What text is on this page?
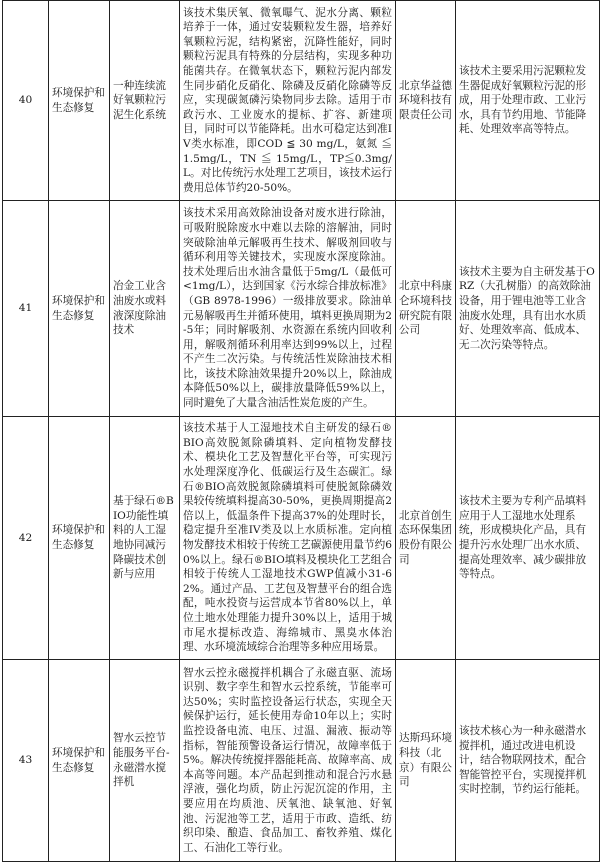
40	环境保护和生态修复	一种连续流好氧颗粒污泥生化系统	该技术集厌氧、微氧曝气、泥水分离、颗粒培养于一体，通过安装颗粒发生器，培养好氧颗粒污泥，结构紧密，沉降性能好，同时颗粒污泥具有特殊的分层结构，实现多种功能菌共存。在微氧状态下，颗粒污泥内部发生同步硝化反硝化、除磷及反硝化除磷等反应，实现碳氮磷污染物同步去除。适用于市政污水、工业废水的提标、扩容、新建项目，同时可以节能降耗。出水可稳定达到准IV类水标准，即COD ≦ 30 mg/L，氨氮 ≦ 1.5mg/L，TN ≦ 15mg/L，TP≦0.3mg/L。对比传统污水处理工艺项目，该技术运行费用总体节约20-50%。	北京华益德环境科技有限责任公司	该技术主要采用污泥颗粒发生器促成好氧颗粒污泥的形成，用于处理市政、工业污水，具有节约用地、节能降耗、处理效率高等特点。
41	环境保护和生态修复	冶金工业含油废水或料液深度除油技术	该技术采用高效除油设备对废水进行除油，可吸附脱除废水中难以去除的溶解油，同时突破除油单元解吸再生技术、解吸剂回收与循环利用等关键技术，实现废水深度除油。技术处理后出水油含量低于5mg/L（最低可<1mg/L），达到国家《污水综合排放标准》（GB 8978-1996）一级排放要求。除油单元易解吸再生并循环使用，填料更换周期为2-5年；同时解吸剂、水资源在系统内回收利用，解吸剂循环利用率达到99%以上，过程不产生二次污染。与传统活性炭除油技术相比，该技术除油效果提升20%以上，除油成本降低50%以上，碳排放量降低59%以上，同时避免了大量含油活性炭危废的产生。	北京中科康仑环境科技研究院有限公司	该技术主要为自主研发基于ORZ（大孔树脂）的高效除油设备，用于锂电池等工业含油废水处理，具有出水水质好、处理效率高、低成本、无二次污染等特点。
42	环境保护和生态修复	基于绿石®BIO功能性填料的人工湿地协同减污降碳技术创新与应用	该技术基于人工湿地技术自主研发的绿石®BIO高效脱氮除磷填料、定向植物发酵技术、模块化工艺及智慧化平台等，可实现污水处理深度净化、低碳运行及生态碳汇。绿石®BIO高效脱氮除磷填料可使脱氮除磷效果较传统填料提高30-50%，更换周期提高2倍以上，低温条件下提高37%的处理时长，稳定提升至准IV类及以上水质标准。定向植物发酵技术相较于传统工艺碳源使用量节约60%以上。绿石®BIO填料及模块化工艺组合相较于传统人工湿地技术GWP值减小31-62%。通过产品、工艺包及智慧平台的组合选配，吨水投资与运营成本节省80%以上，单位土地水处理能力提升30%以上，适用于城市尾水提标改造、海绵城市、黑臭水体治理、水环境流域综合治理等多种应用场景。	北京首创生态环保集团股份有限公司	该技术主要为专利产品填料应用于人工湿地水处理系统，形成模块化产品，具有提升污水处理厂出水水质、提高处理效率、减少碳排放等特点。
43	环境保护和生态修复	智水云控节能服务平台-永磁潜水搅拌机	智水云控永磁搅拌机耦合了永磁直驱、流场识别、数字孪生和智水云控系统，节能率可达50%；实时监控设备运行状态，实现全天候保护运行，延长使用寿命10年以上；实时监控设备电流、电压、过温、漏液、振动等指标，智能预警设备运行情况，故障率低于5%。解决传统搅拌器能耗高、故障率高、成本高等问题。本产品起到推动和混合污水悬浮液，强化均质，防止污泥沉淀的作用，主要应用在均质池、厌氧池、缺氧池、好氧池、污泥池等工艺，适用于市政、造纸、纺织印染、酿造、食品加工、畜牧养殖、煤化工、石油化工等行业。	达斯玛环境科技（北京）有限公司	该技术核心为一种永磁潜水搅拌机，通过改进电机设计，结合物联网技术，配合智能管控平台，实现搅拌机实时控制，节约运行能耗。
